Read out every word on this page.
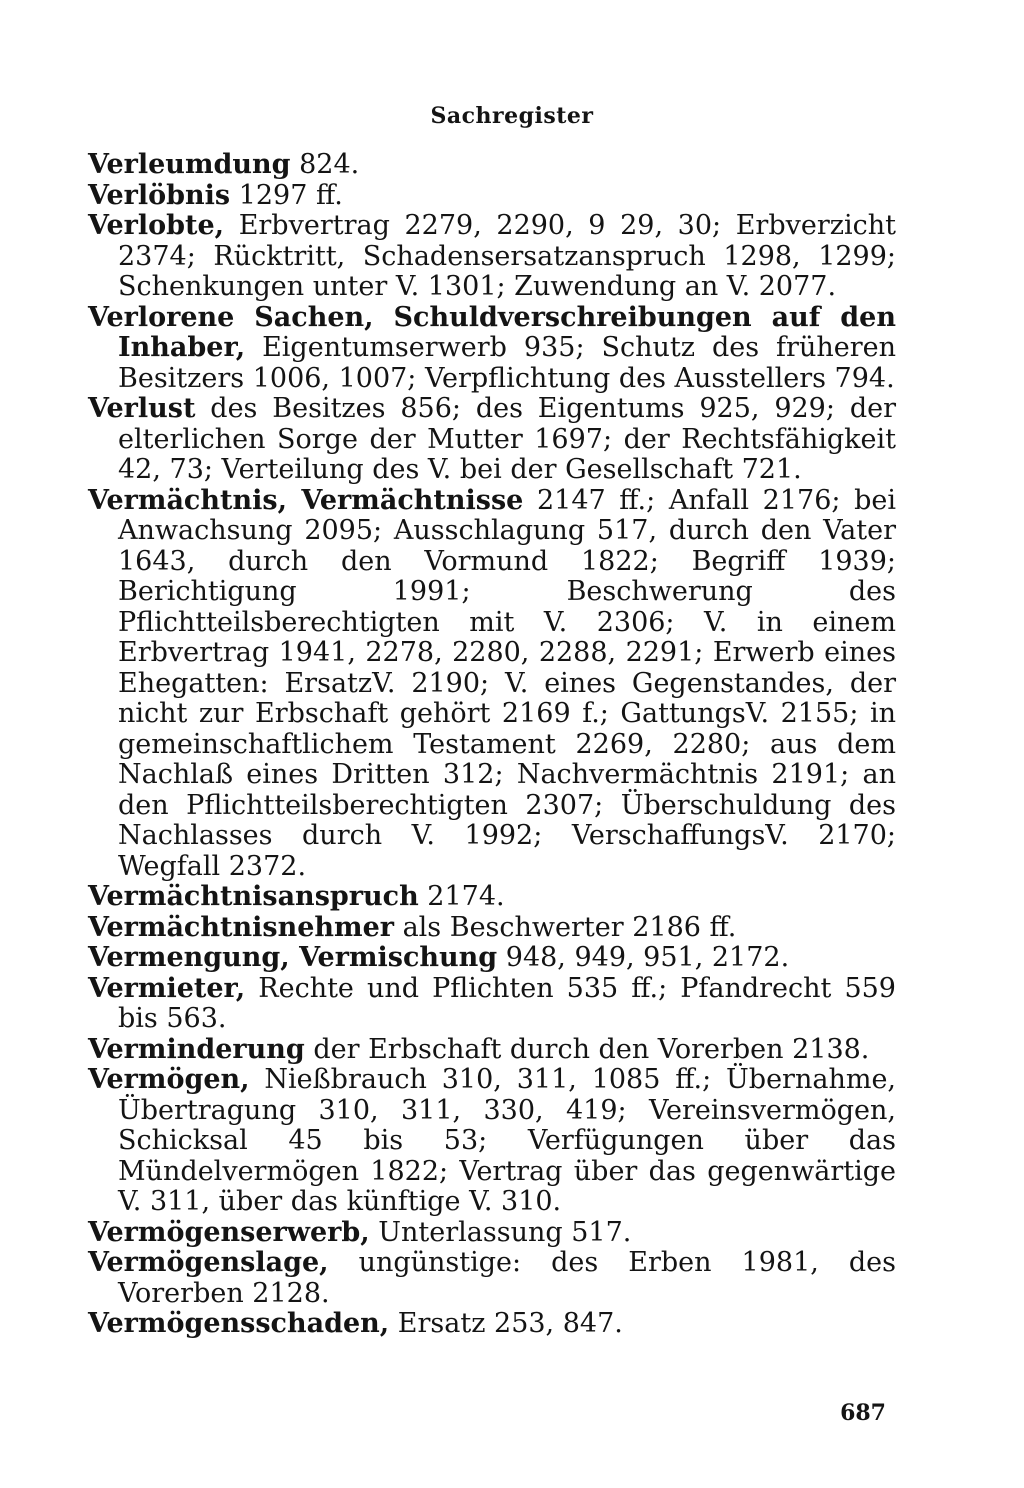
Sachregister
Verleumdung 824.
Verlöbnis 1297 ff.
Verlobte, Erbvertrag 2279, 2290, 9 29, 30; Erbverzicht 2374; Rücktritt, Schadensersatzanspruch 1298, 1299; Schenkungen unter V. 1301; Zuwendung an V. 2077.
Verlorene Sachen, Schuldverschreibungen auf den Inhaber, Eigentumserwerb 935; Schutz des früheren Besitzers 1006, 1007; Verpflichtung des Ausstellers 794.
Verlust des Besitzes 856; des Eigentums 925, 929; der elterlichen Sorge der Mutter 1697; der Rechtsfähigkeit 42, 73; Verteilung des V. bei der Gesellschaft 721.
Vermächtnis, Vermächtnisse 2147 ff.; Anfall 2176; bei Anwachsung 2095; Ausschlagung 517, durch den Vater 1643, durch den Vormund 1822; Begriff 1939; Berichtigung 1991; Beschwerung des Pflichtteilsberechtigten mit V. 2306; V. in einem Erbvertrag 1941, 2278, 2280, 2288, 2291; Erwerb eines Ehegatten: ErsatzV. 2190; V. eines Gegenstandes, der nicht zur Erbschaft gehört 2169 f.; GattungsV. 2155; in gemeinschaftlichem Testament 2269, 2280; aus dem Nachlaß eines Dritten 312; Nachvermächtnis 2191; an den Pflichtteilsberechtigten 2307; Überschuldung des Nachlasses durch V. 1992; VerschaffungsV. 2170; Wegfall 2372.
Vermächtnisanspruch 2174.
Vermächtnisnehmer als Beschwerter 2186 ff.
Vermengung, Vermischung 948, 949, 951, 2172.
Vermieter, Rechte und Pflichten 535 ff.; Pfandrecht 559 bis 563.
Verminderung der Erbschaft durch den Vorerben 2138.
Vermögen, Nießbrauch 310, 311, 1085 ff.; Übernahme, Übertragung 310, 311, 330, 419; Vereinsvermögen, Schicksal 45 bis 53; Verfügungen über das Mündelvermögen 1822; Vertrag über das gegenwärtige V. 311, über das künftige V. 310.
Vermögenserwerb, Unterlassung 517.
Vermögenslage, ungünstige: des Erben 1981, des Vorerben 2128.
Vermögensschaden, Ersatz 253, 847.
687
